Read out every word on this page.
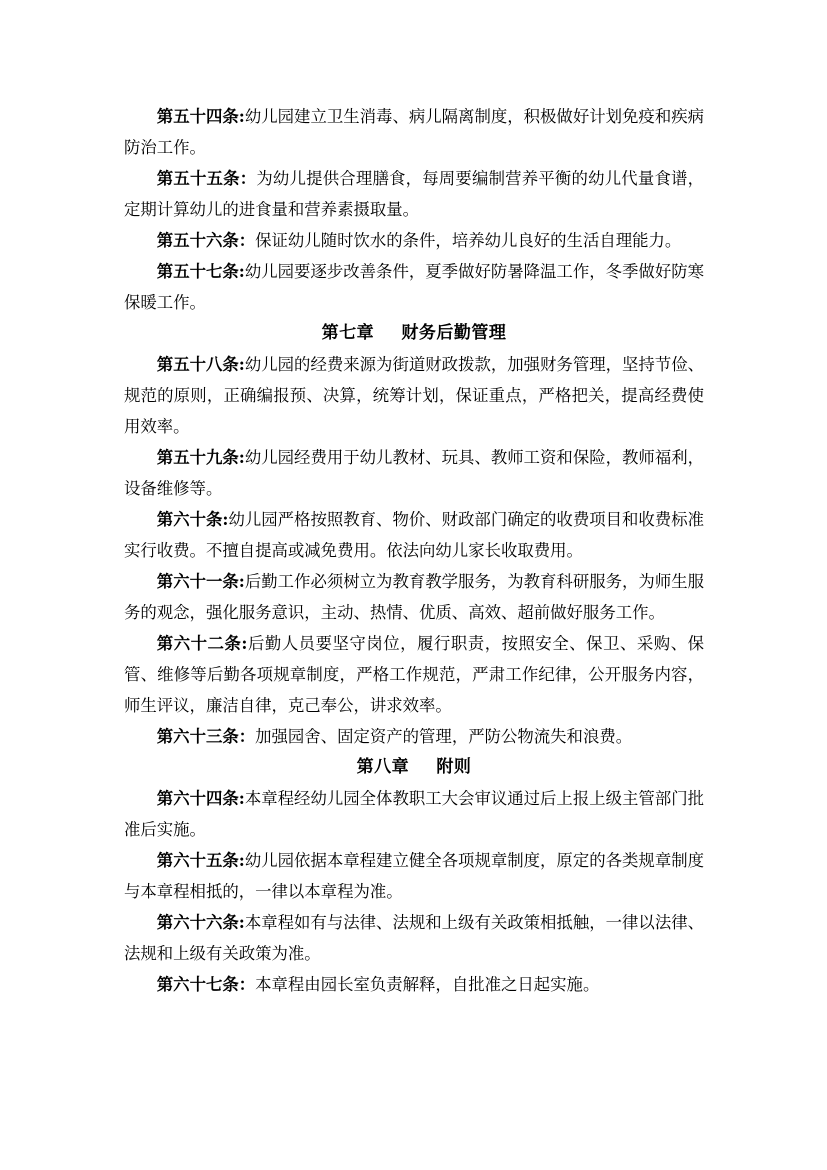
第五十四条:幼儿园建立卫生消毒、病儿隔离制度，积极做好计划免疫和疾病防治工作。

第五十五条：为幼儿提供合理膳食，每周要编制营养平衡的幼儿代量食谱，定期计算幼儿的进食量和营养素摄取量。

第五十六条：保证幼儿随时饮水的条件，培养幼儿良好的生活自理能力。

第五十七条:幼儿园要逐步改善条件，夏季做好防暑降温工作，冬季做好防寒保暖工作。

第七章 财务后勤管理

第五十八条:幼儿园的经费来源为街道财政拨款，加强财务管理，坚持节俭、规范的原则，正确编报预、决算，统筹计划，保证重点，严格把关，提高经费使用效率。

第五十九条:幼儿园经费用于幼儿教材、玩具、教师工资和保险，教师福利，设备维修等。

第六十条:幼儿园严格按照教育、物价、财政部门确定的收费项目和收费标准实行收费。不擅自提高或减免费用。依法向幼儿家长收取费用。

第六十一条:后勤工作必须树立为教育教学服务，为教育科研服务，为师生服务的观念，强化服务意识，主动、热情、优质、高效、超前做好服务工作。

第六十二条:后勤人员要坚守岗位，履行职责，按照安全、保卫、采购、保管、维修等后勤各项规章制度，严格工作规范，严肃工作纪律，公开服务内容，师生评议，廉洁自律，克己奉公，讲求效率。

第六十三条：加强园舍、固定资产的管理，严防公物流失和浪费。

第八章 附则

第六十四条:本章程经幼儿园全体教职工大会审议通过后上报上级主管部门批准后实施。

第六十五条:幼儿园依据本章程建立健全各项规章制度，原定的各类规章制度与本章程相抵的，一律以本章程为准。

第六十六条:本章程如有与法律、法规和上级有关政策相抵触，一律以法律、法规和上级有关政策为准。

第六十七条：本章程由园长室负责解释，自批准之日起实施。
